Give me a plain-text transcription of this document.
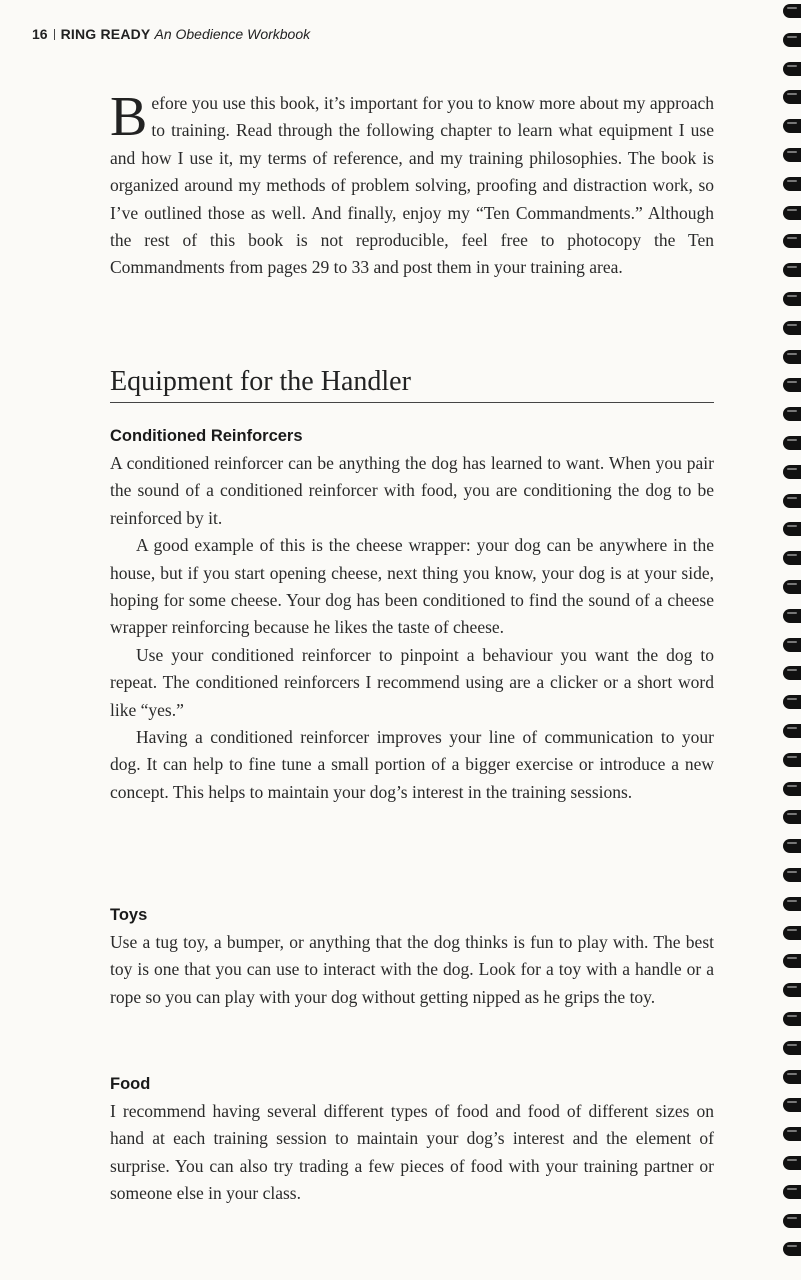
16 RING READY An Obedience Workbook

Before you use this book, it’s important for you to know more about my approach to training. Read through the following chapter to learn what equipment I use and how I use it, my terms of reference, and my training philosophies. The book is organized around my methods of problem solving, proofing and distraction work, so I’ve outlined those as well. And finally, enjoy my “Ten Commandments.” Although the rest of this book is not reproducible, feel free to photocopy the Ten Commandments from pages 29 to 33 and post them in your training area.

Equipment for the Handler
Conditioned Reinforcers

A conditioned reinforcer can be anything the dog has learned to want. When you pair the sound of a conditioned reinforcer with food, you are conditioning the dog to be reinforced by it.

A good example of this is the cheese wrapper: your dog can be anywhere in the house, but if you start opening cheese, next thing you know, your dog is at your side, hoping for some cheese. Your dog has been conditioned to find the sound of a cheese wrapper reinforcing because he likes the taste of cheese.

Use your conditioned reinforcer to pinpoint a behaviour you want the dog to repeat. The conditioned reinforcers I recommend using are a clicker or a short word like “yes.”

Having a conditioned reinforcer improves your line of communication to your dog. It can help to fine tune a small portion of a bigger exercise or introduce a new concept. This helps to maintain your dog’s interest in the training sessions.

Toys

Use a tug toy, a bumper, or anything that the dog thinks is fun to play with. The best toy is one that you can use to interact with the dog. Look for a toy with a handle or a rope so you can play with your dog without getting nipped as he grips the toy.

Food

I recommend having several different types of food and food of different sizes on hand at each training session to maintain your dog’s interest and the element of surprise. You can also try trading a few pieces of food with your training partner or someone else in your class.
